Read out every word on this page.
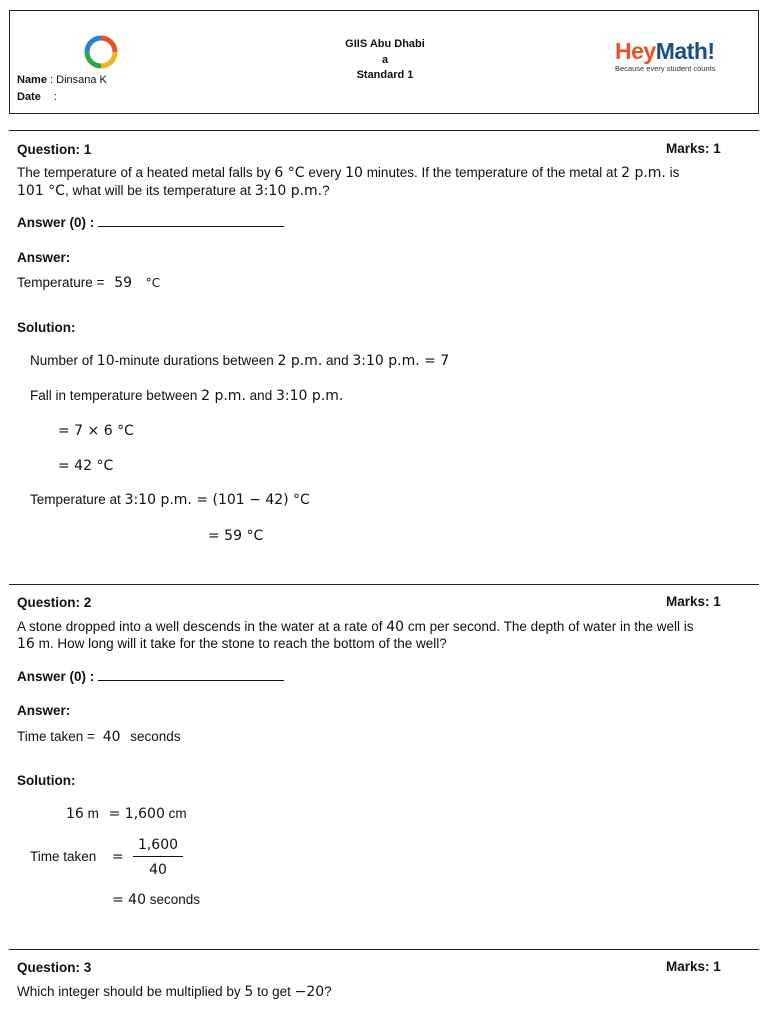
GIIS Abu Dhabi
a
Standard 1
Name : Dinsana K
Date :
HeyMath!
Because every student counts
Question: 1	Marks: 1
The temperature of a heated metal falls by 6 °C every 10 minutes. If the temperature of the metal at 2 p.m. is
101 °C, what will be its temperature at 3:10 p.m.?
Answer (0) :
Answer:
Temperature = 59 °C
Solution:
Number of 10-minute durations between 2 p.m. and 3:10 p.m. = 7
Fall in temperature between 2 p.m. and 3:10 p.m.
= 7 × 6 °C
= 42 °C
Temperature at 3:10 p.m. = (101 − 42) °C
= 59 °C
Question: 2	Marks: 1
A stone dropped into a well descends in the water at a rate of 40 cm per second. The depth of water in the well is
16 m. How long will it take for the stone to reach the bottom of the well?
Answer (0) :
Answer:
Time taken = 40 seconds
Solution:
16 m = 1,600 cm
Time taken =
1,600
40
= 40 seconds
Question: 3	Marks: 1
Which integer should be multiplied by 5 to get −20?
